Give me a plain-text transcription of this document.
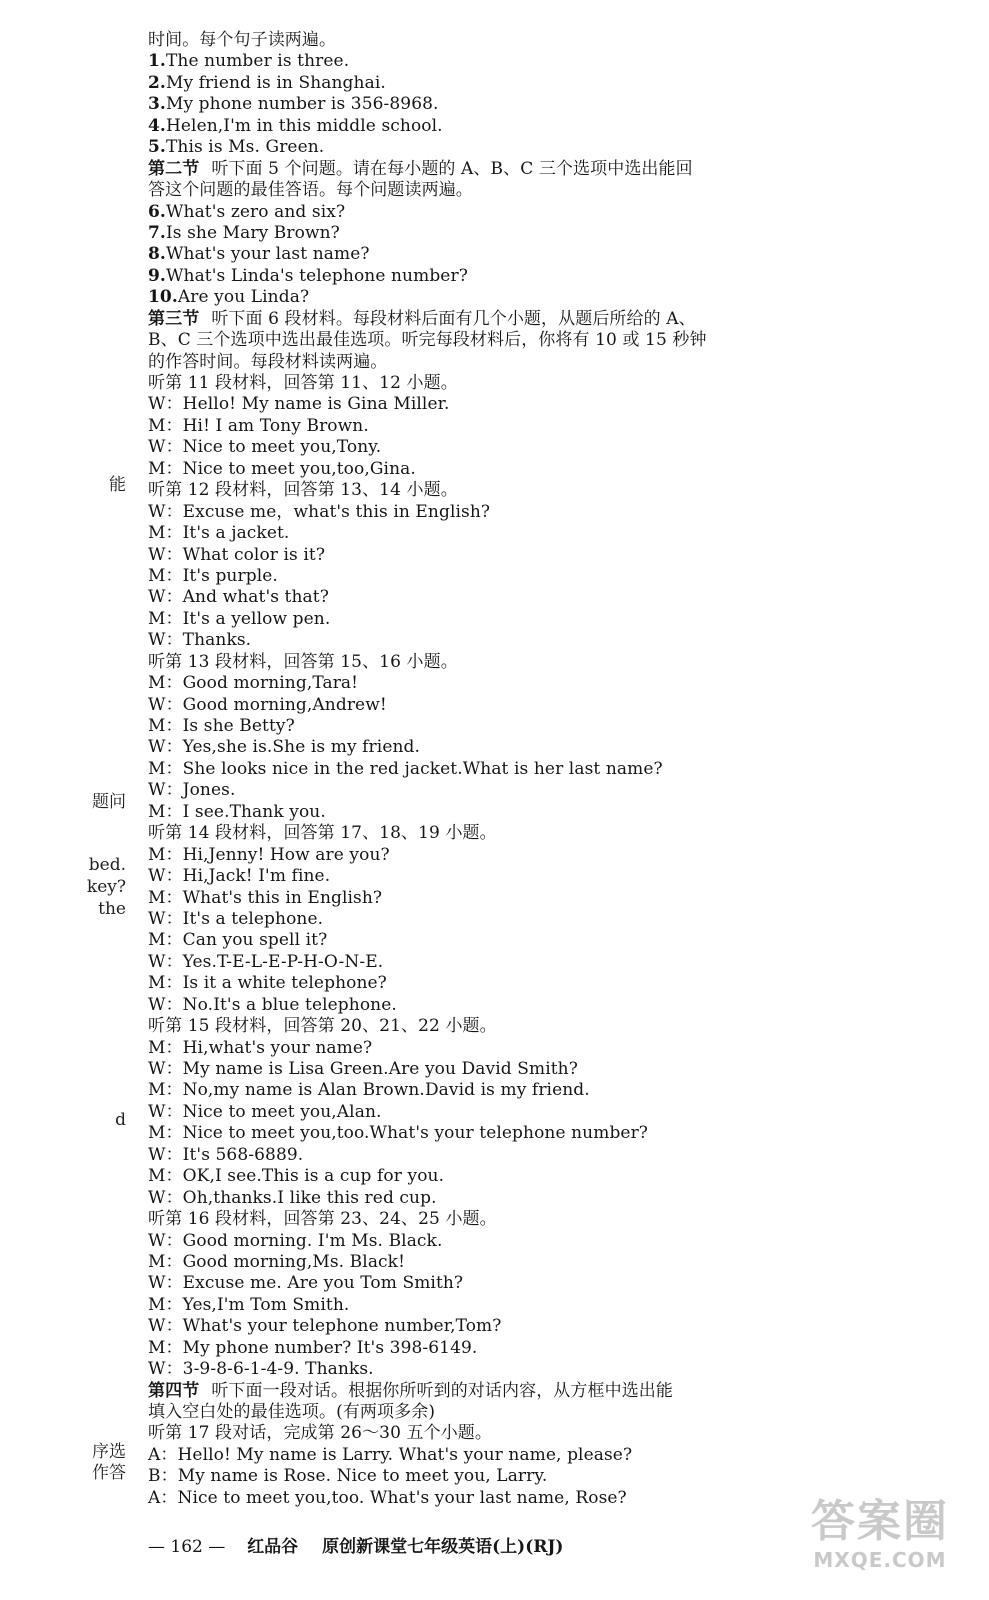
时间。每个句子读两遍。
1.The number is three.
2.My friend is in Shanghai.
3.My phone number is 356-8968.
4.Helen,I'm in this middle school.
5.This is Ms. Green.
第二节 听下面 5 个问题。请在每小题的 A、B、C 三个选项中选出能回
答这个问题的最佳答语。每个问题读两遍。
6.What's zero and six?
7.Is she Mary Brown?
8.What's your last name?
9.What's Linda's telephone number?
10.Are you Linda?
第三节 听下面 6 段材料。每段材料后面有几个小题，从题后所给的 A、
B、C 三个选项中选出最佳选项。听完每段材料后，你将有 10 或 15 秒钟
的作答时间。每段材料读两遍。
听第 11 段材料，回答第 11、12 小题。
W：Hello! My name is Gina Miller.
M：Hi! I am Tony Brown.
W：Nice to meet you,Tony.
M：Nice to meet you,too,Gina.
听第 12 段材料，回答第 13、14 小题。
W：Excuse me，what's this in English?
M：It's a jacket.
W：What color is it?
M：It's purple.
W：And what's that?
M：It's a yellow pen.
W：Thanks.
听第 13 段材料，回答第 15、16 小题。
M：Good morning,Tara!
W：Good morning,Andrew!
M：Is she Betty?
W：Yes,she is.She is my friend.
M：She looks nice in the red jacket.What is her last name?
W：Jones.
M：I see.Thank you.
听第 14 段材料，回答第 17、18、19 小题。
M：Hi,Jenny! How are you?
W：Hi,Jack! I'm fine.
M：What's this in English?
W：It's a telephone.
M：Can you spell it?
W：Yes.T-E-L-E-P-H-O-N-E.
M：Is it a white telephone?
W：No.It's a blue telephone.
听第 15 段材料，回答第 20、21、22 小题。
M：Hi,what's your name?
W：My name is Lisa Green.Are you David Smith?
M：No,my name is Alan Brown.David is my friend.
W：Nice to meet you,Alan.
M：Nice to meet you,too.What's your telephone number?
W：It's 568-6889.
M：OK,I see.This is a cup for you.
W：Oh,thanks.I like this red cup.
听第 16 段材料，回答第 23、24、25 小题。
W：Good morning. I'm Ms. Black.
M：Good morning,Ms. Black!
W：Excuse me. Are you Tom Smith?
M：Yes,I'm Tom Smith.
W：What's your telephone number,Tom?
M：My phone number? It's 398-6149.
W：3-9-8-6-1-4-9. Thanks.
第四节 听下面一段对话。根据你所听到的对话内容，从方框中选出能
填入空白处的最佳选项。(有两项多余)
听第 17 段对话，完成第 26～30 五个小题。
A：Hello! My name is Larry. What's your name, please?
B：My name is Rose. Nice to meet you, Larry.
A：Nice to meet you,too. What's your last name, Rose?
能
题问
bed.
key?
the
d
序选
作答
— 162 — 红品谷 原创新课堂七年级英语(上)(RJ)	答案圈
MXQE.COM
